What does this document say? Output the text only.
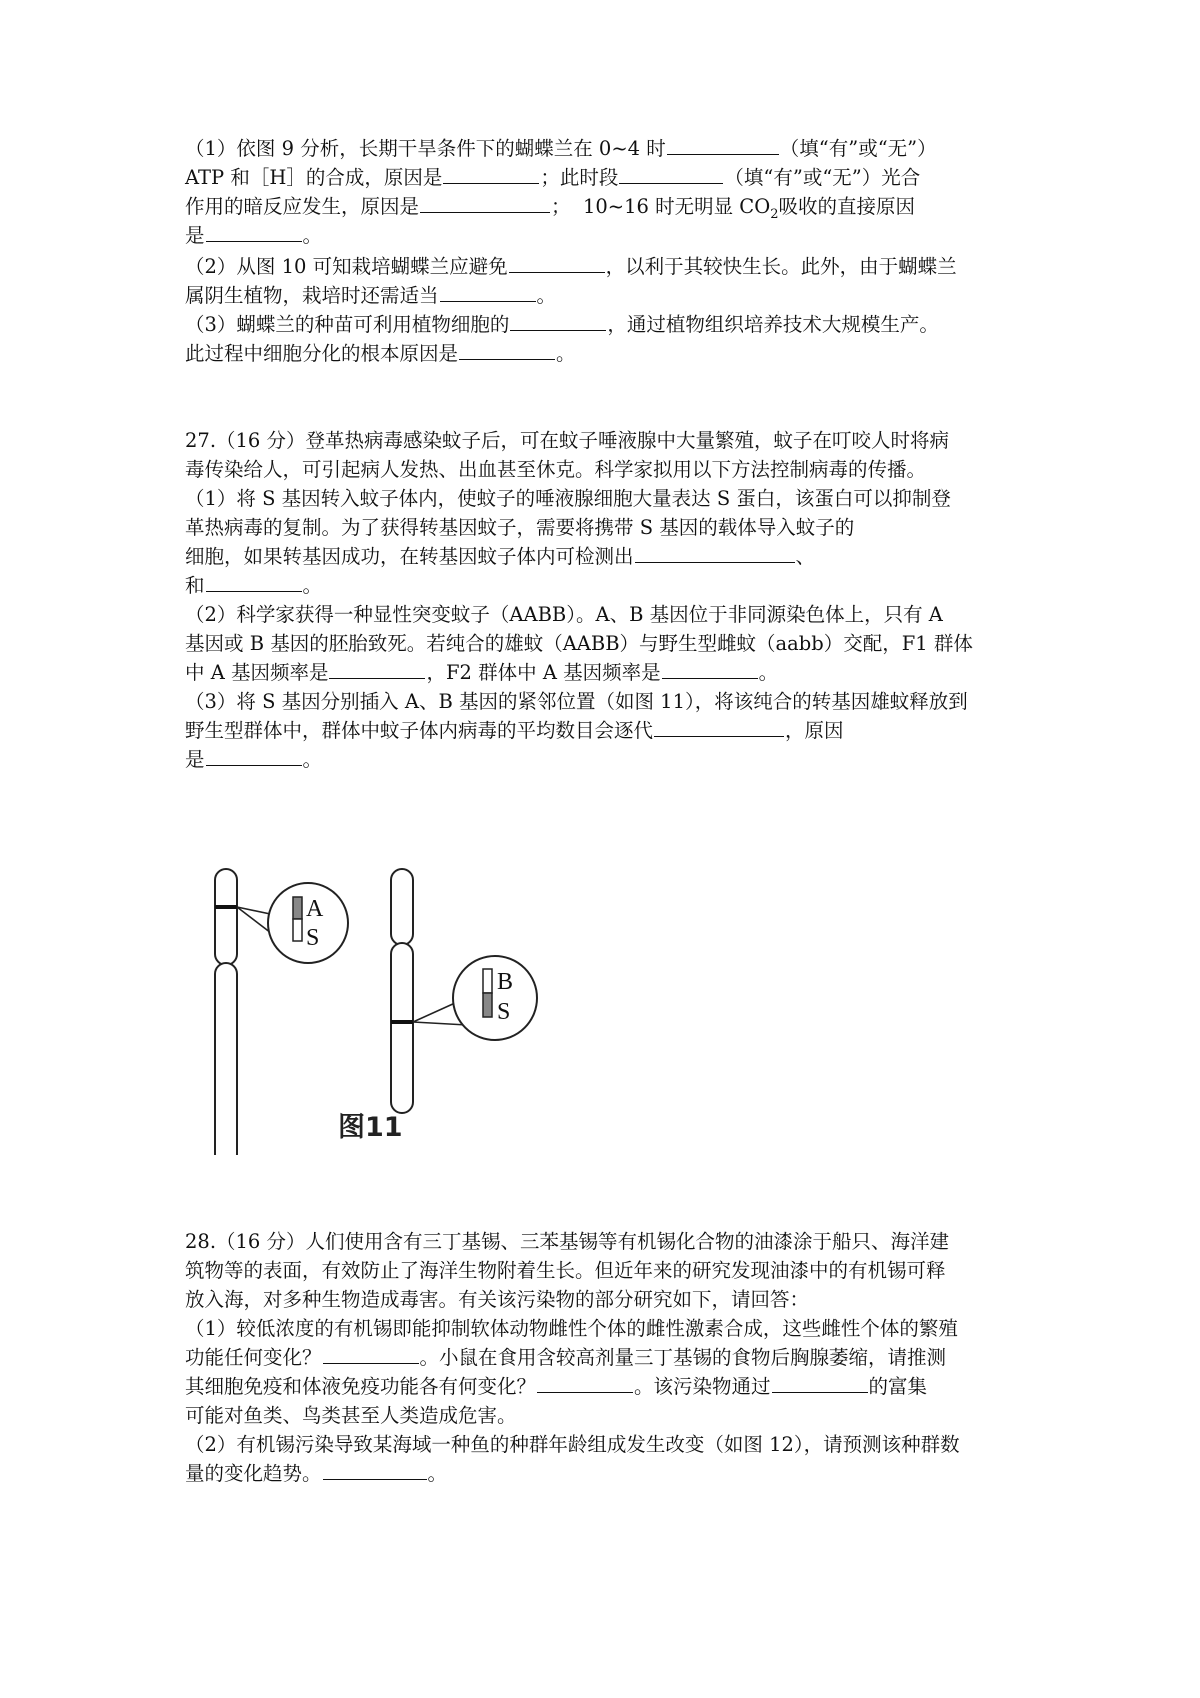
（1）依图 9 分析，长期干旱条件下的蝴蝶兰在 0~4 时	（填“有”或“无”）
ATP 和［H］的合成，原因是	；此时段	（填“有”或“无”）光合
作用的暗反应发生，原因是	； 10~16 时无明显 $CO_2$吸收的直接原因
是	。
（2）从图 10 可知栽培蝴蝶兰应避免	，以利于其较快生长。此外，由于蝴蝶兰
属阴生植物，栽培时还需适当	。
（3）蝴蝶兰的种苗可利用植物细胞的	，通过植物组织培养技术大规模生产。
此过程中细胞分化的根本原因是	。
27.（16 分）登革热病毒感染蚊子后，可在蚊子唾液腺中大量繁殖，蚊子在叮咬人时将病
毒传染给人，可引起病人发热、出血甚至休克。科学家拟用以下方法控制病毒的传播。
（1）将 S 基因转入蚊子体内，使蚊子的唾液腺细胞大量表达 S 蛋白，该蛋白可以抑制登
革热病毒的复制。为了获得转基因蚊子，需要将携带 S 基因的载体导入蚊子的
细胞，如果转基因成功，在转基因蚊子体内可检测出	、
和	。
（2）科学家获得一种显性突变蚊子（AABB）。A、B 基因位于非同源染色体上，只有 A
基因或 B 基因的胚胎致死。若纯合的雄蚊（AABB）与野生型雌蚊（aabb）交配，F1 群体
中 A 基因频率是	，F2 群体中 A 基因频率是	。
（3）将 S 基因分别插入 A、B 基因的紧邻位置（如图 11），将该纯合的转基因雄蚊释放到
野生型群体中，群体中蚊子体内病毒的平均数目会逐代	，原因
是	。
A
S
B
S
图11
28.（16 分）人们使用含有三丁基锡、三苯基锡等有机锡化合物的油漆涂于船只、海洋建
筑物等的表面，有效防止了海洋生物附着生长。但近年来的研究发现油漆中的有机锡可释
放入海，对多种生物造成毒害。有关该污染物的部分研究如下，请回答：
（1）较低浓度的有机锡即能抑制软体动物雌性个体的雌性激素合成，这些雌性个体的繁殖
功能任何变化？	。小鼠在食用含较高剂量三丁基锡的食物后胸腺萎缩，请推测
其细胞免疫和体液免疫功能各有何变化？	。该污染物通过	的富集
可能对鱼类、鸟类甚至人类造成危害。
（2）有机锡污染导致某海域一种鱼的种群年龄组成发生改变（如图 12），请预测该种群数
量的变化趋势。	。
